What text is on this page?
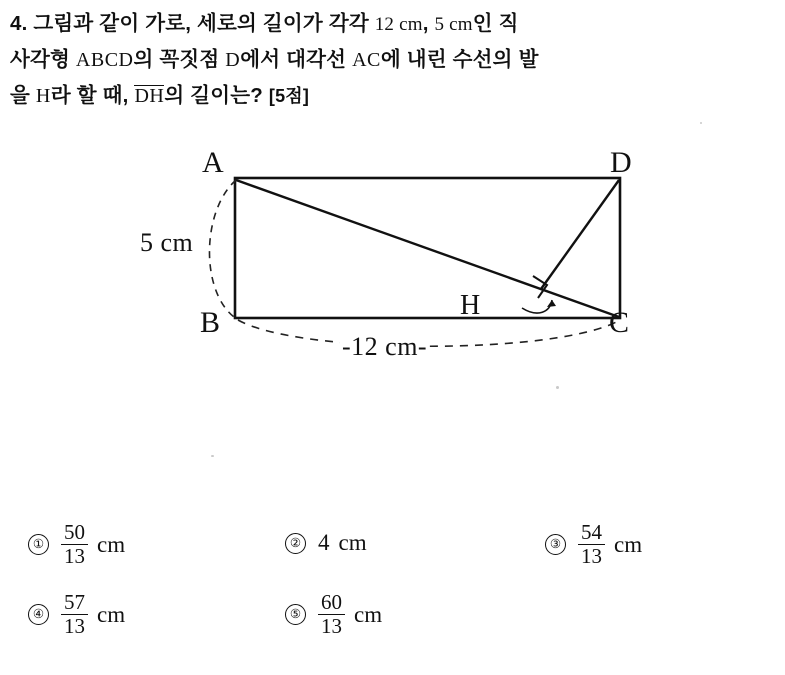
4. 그림과 같이 가로, 세로의 길이가 각각 12 cm, 5 cm인 직
사각형 ABCD의 꼭짓점 D에서 대각선 AC에 내린 수선의 발
을 H라 할 때, DH의 길이는? [5점]
A	D
B	C
H
5 cm
-12 cm-
① $\frac{50}{13}$ cm	② 4 cm	③ $\frac{54}{13}$ cm
④ $\frac{57}{13}$ cm	⑤ $\frac{60}{13}$ cm
